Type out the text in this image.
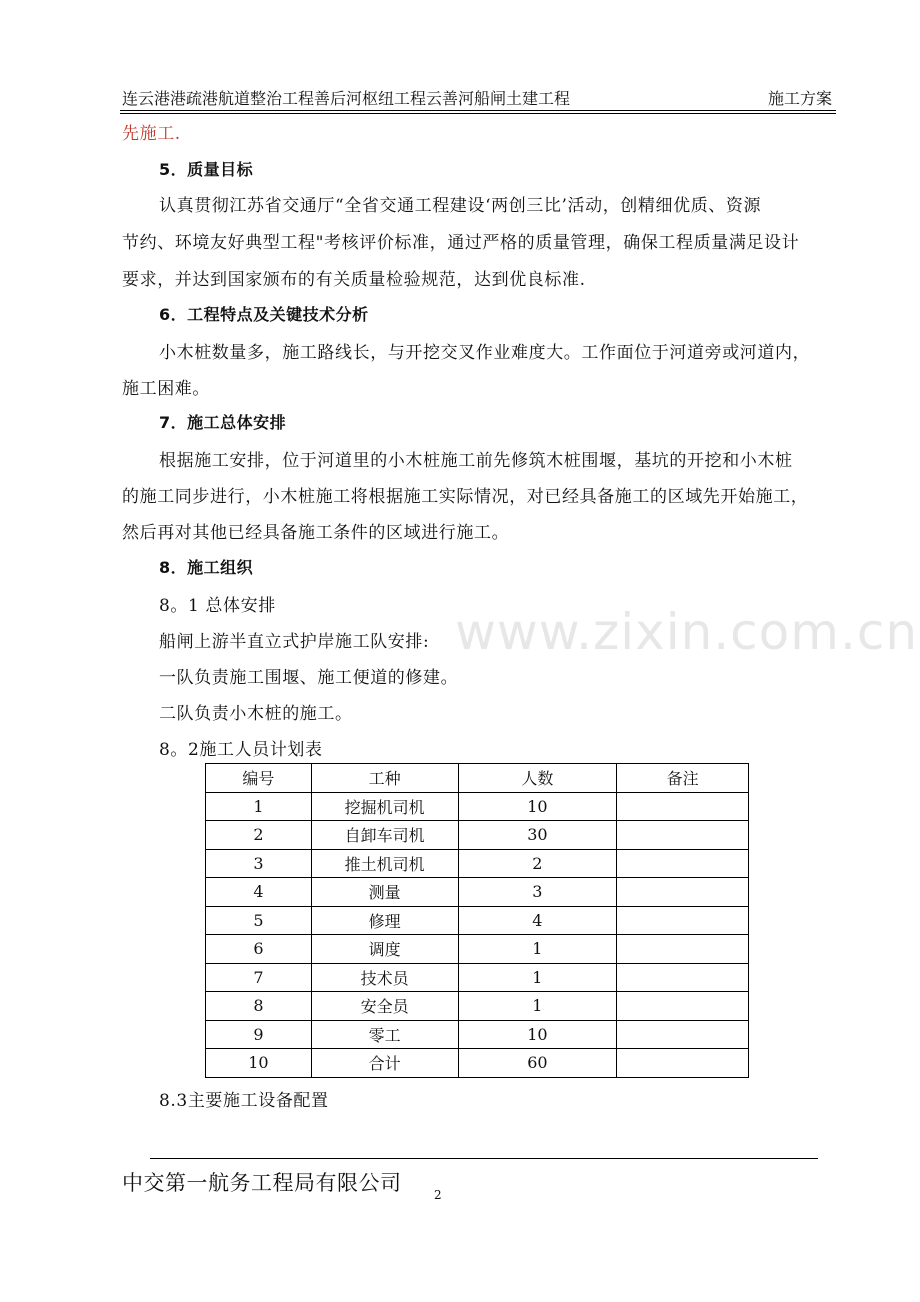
连云港港疏港航道整治工程善后河枢纽工程云善河船闸土建工程	施工方案
先施工.
5．质量目标
认真贯彻江苏省交通厅“全省交通工程建设‘两创三比’活动，创精细优质、资源
节约、环境友好典型工程"考核评价标准，通过严格的质量管理，确保工程质量满足设计
要求，并达到国家颁布的有关质量检验规范，达到优良标准.
6．工程特点及关键技术分析
小木桩数量多，施工路线长，与开挖交叉作业难度大。工作面位于河道旁或河道内，
施工困难。
7．施工总体安排
根据施工安排，位于河道里的小木桩施工前先修筑木桩围堰，基坑的开挖和小木桩
的施工同步进行，小木桩施工将根据施工实际情况，对已经具备施工的区域先开始施工，
然后再对其他已经具备施工条件的区域进行施工。
8．施工组织
8。1 总体安排
船闸上游半直立式护岸施工队安排:
一队负责施工围堰、施工便道的修建。
二队负责小木桩的施工。
8。2施工人员计划表
编号	工种	人数	备注
1	挖掘机司机	10	
2	自卸车司机	30	
3	推土机司机	2	
4	测量	3	
5	修理	4	
6	调度	1	
7	技术员	1	
8	安全员	1	
9	零工	10	
10	合计	60	
8.3主要施工设备配置
www.zixin.com.cn
中交第一航务工程局有限公司	2
